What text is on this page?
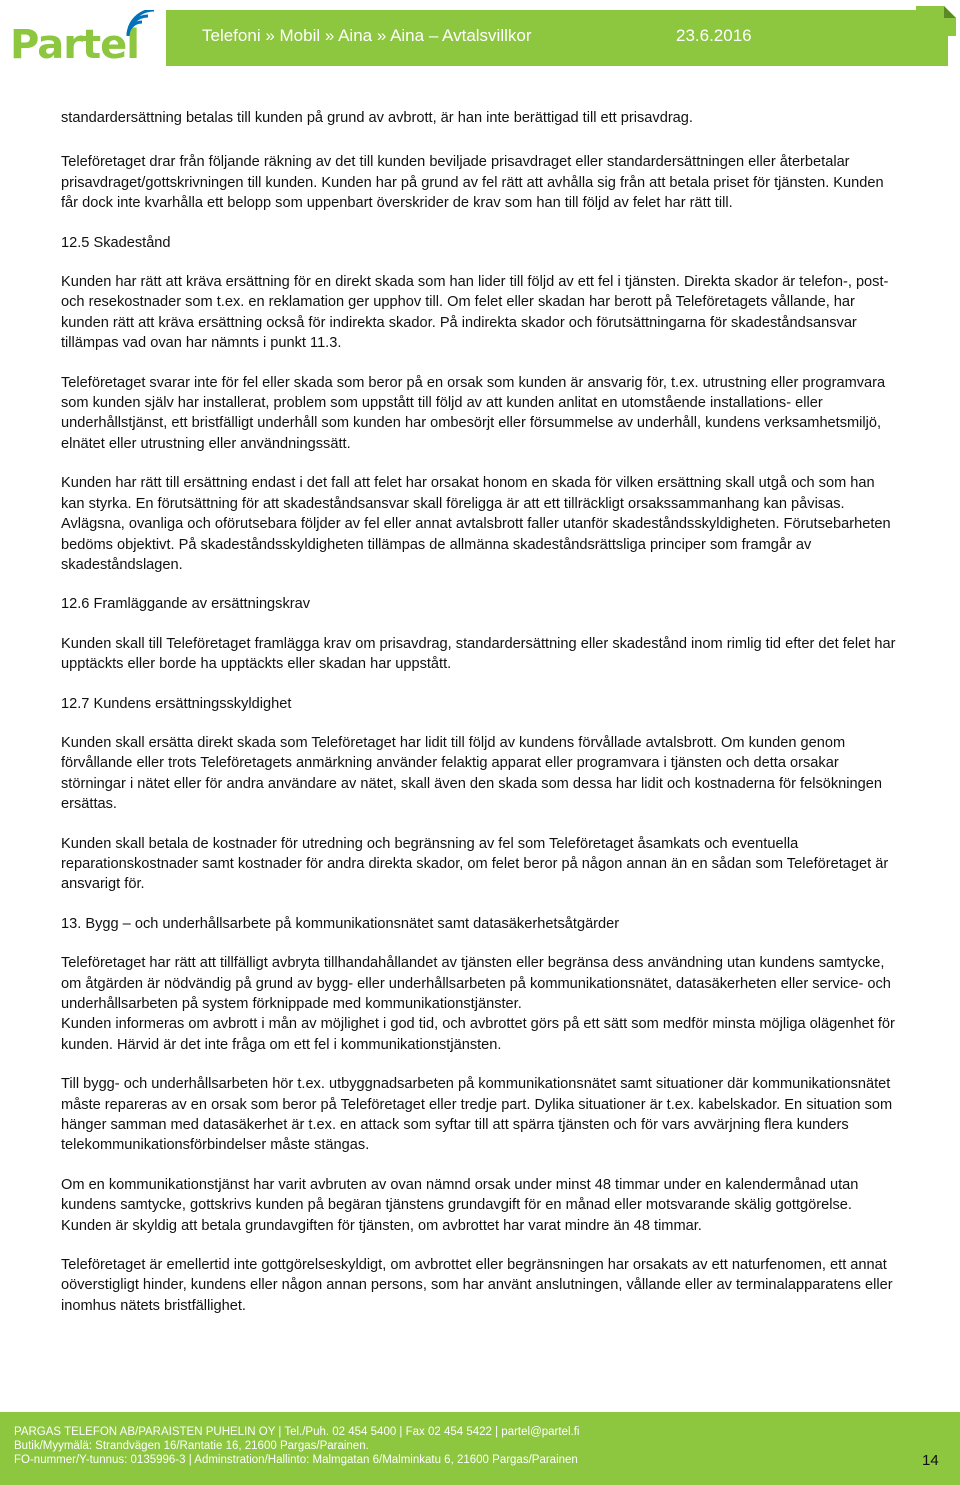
Partel	Telefoni » Mobil » Aina » Aina – Avtalsvillkor	23.6.2016

standardersättning betalas till kunden på grund av avbrott, är han inte berättigad till ett prisavdrag.

Teleföretaget drar från följande räkning av det till kunden beviljade prisavdraget eller standardersättningen eller återbetalar prisavdraget/gottskrivningen till kunden. Kunden har på grund av fel rätt att avhålla sig från att betala priset för tjänsten. Kunden får dock inte kvarhålla ett belopp som uppenbart överskrider de krav som han till följd av felet har rätt till.

12.5 Skadestånd

Kunden har rätt att kräva ersättning för en direkt skada som han lider till följd av ett fel i tjänsten. Direkta skador är telefon-, post- och resekostnader som t.ex. en reklamation ger upphov till. Om felet eller skadan har berott på Teleföretagets vållande, har kunden rätt att kräva ersättning också för indirekta skador. På indirekta skador och förutsättningarna för skadeståndsansvar tillämpas vad ovan har nämnts i punkt 11.3.

Teleföretaget svarar inte för fel eller skada som beror på en orsak som kunden är ansvarig för, t.ex. utrustning eller programvara som kunden själv har installerat, problem som uppstått till följd av att kunden anlitat en utomstående installations- eller underhållstjänst, ett bristfälligt underhåll som kunden har ombesörjt eller försummelse av underhåll, kundens verksamhetsmiljö, elnätet eller utrustning eller användningssätt.

Kunden har rätt till ersättning endast i det fall att felet har orsakat honom en skada för vilken ersättning skall utgå och som han kan styrka. En förutsättning för att skadeståndsansvar skall föreligga är att ett tillräckligt orsakssammanhang kan påvisas. Avlägsna, ovanliga och oförutsebara följder av fel eller annat avtalsbrott faller utanför skadeståndsskyldigheten. Förutsebarheten bedöms objektivt. På skadeståndsskyldigheten tillämpas de allmänna skadeståndsrättsliga principer som framgår av skadeståndslagen.

12.6 Framläggande av ersättningskrav

Kunden skall till Teleföretaget framlägga krav om prisavdrag, standardersättning eller skadestånd inom rimlig tid efter det felet har upptäckts eller borde ha upptäckts eller skadan har uppstått.

12.7 Kundens ersättningsskyldighet

Kunden skall ersätta direkt skada som Teleföretaget har lidit till följd av kundens förvållade avtalsbrott. Om kunden genom förvållande eller trots Teleföretagets anmärkning använder felaktig apparat eller programvara i tjänsten och detta orsakar störningar i nätet eller för andra användare av nätet, skall även den skada som dessa har lidit och kostnaderna för felsökningen ersättas.

Kunden skall betala de kostnader för utredning och begränsning av fel som Teleföretaget åsamkats och eventuella reparationskostnader samt kostnader för andra direkta skador, om felet beror på någon annan än en sådan som Teleföretaget är ansvarigt för.

13. Bygg – och underhållsarbete på kommunikationsnätet samt datasäkerhetsåtgärder

Teleföretaget har rätt att tillfälligt avbryta tillhandahållandet av tjänsten eller begränsa dess användning utan kundens samtycke, om åtgärden är nödvändig på grund av bygg- eller underhållsarbeten på kommunikationsnätet, datasäkerheten eller service- och underhållsarbeten på system förknippade med kommunikationstjänster.

Kunden informeras om avbrott i mån av möjlighet i god tid, och avbrottet görs på ett sätt som medför minsta möjliga olägenhet för kunden. Härvid är det inte fråga om ett fel i kommunikationstjänsten.

Till bygg- och underhållsarbeten hör t.ex. utbyggnadsarbeten på kommunikationsnätet samt situationer där kommunikationsnätet måste repareras av en orsak som beror på Teleföretaget eller tredje part. Dylika situationer är t.ex. kabelskador. En situation som hänger samman med datasäkerhet är t.ex. en attack som syftar till att spärra tjänsten och för vars avvärjning flera kunders telekommunikationsförbindelser måste stängas.

Om en kommunikationstjänst har varit avbruten av ovan nämnd orsak under minst 48 timmar under en kalendermånad utan kundens samtycke, gottskrivs kunden på begäran tjänstens grundavgift för en månad eller motsvarande skälig gottgörelse. Kunden är skyldig att betala grundavgiften för tjänsten, om avbrottet har varat mindre än 48 timmar.

Teleföretaget är emellertid inte gottgörelseskyldigt, om avbrottet eller begränsningen har orsakats av ett naturfenomen, ett annat oöverstigligt hinder, kundens eller någon annan persons, som har använt anslutningen, vållande eller av terminalapparatens eller inomhus nätets bristfällighet.

PARGAS TELEFON AB/PARAISTEN PUHELIN OY | Tel./Puh. 02 454 5400 | Fax 02 454 5422 | partel@partel.fi
Butik/Myymälä: Strandvägen 16/Rantatie 16, 21600 Pargas/Parainen.
FO-nummer/Y-tunnus: 0135996-3 | Adminstration/Hallinto: Malmgatan 6/Malminkatu 6, 21600 Pargas/Parainen	14
